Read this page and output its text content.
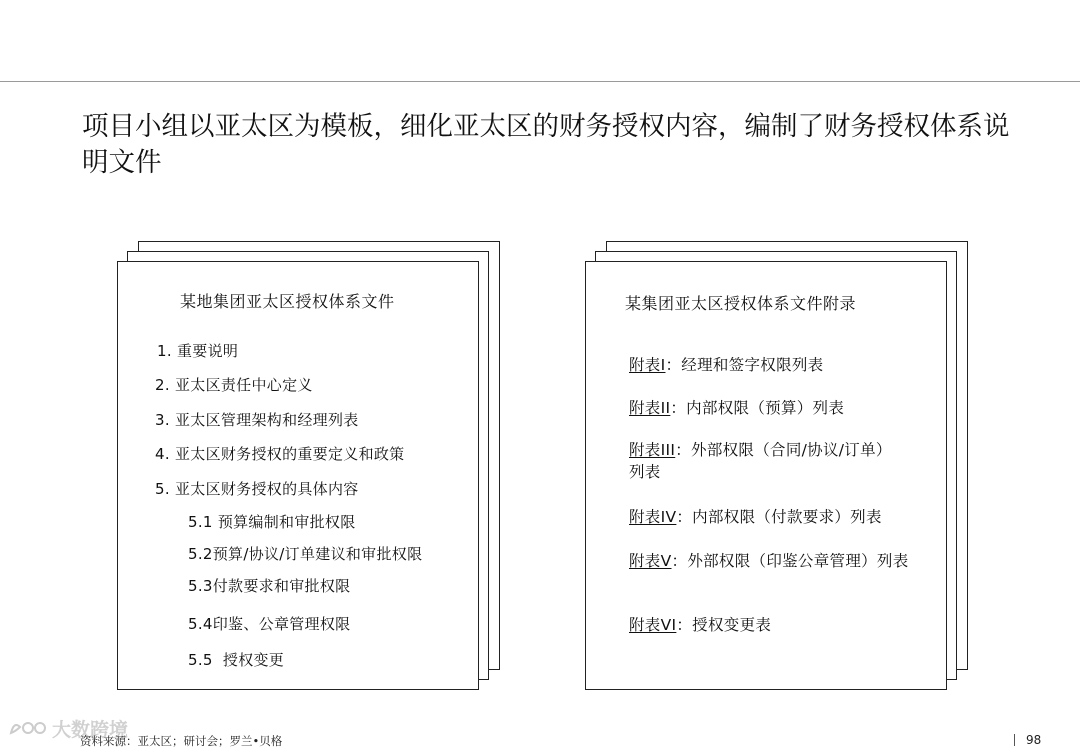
项目小组以亚太区为模板，细化亚太区的财务授权内容，编制了财务授权体系说明文件
某地集团亚太区授权体系文件
1. 重要说明
2. 亚太区责任中心定义
3. 亚太区管理架构和经理列表
4. 亚太区财务授权的重要定义和政策
5. 亚太区财务授权的具体内容
5.1 预算编制和审批权限
5.2预算/协议/订单建议和审批权限
5.3付款要求和审批权限
5.4印鉴、公章管理权限
5.5  授权变更
某集团亚太区授权体系文件附录
附表I：经理和签字权限列表
附表II：内部权限（预算）列表
附表III：外部权限（合同/协议/订单）列表
附表IV：内部权限（付款要求）列表
附表V：外部权限（印鉴公章管理）列表
附表VI：授权变更表
大数跨境
资料来源：亚太区；研讨会；罗兰•贝格	98
